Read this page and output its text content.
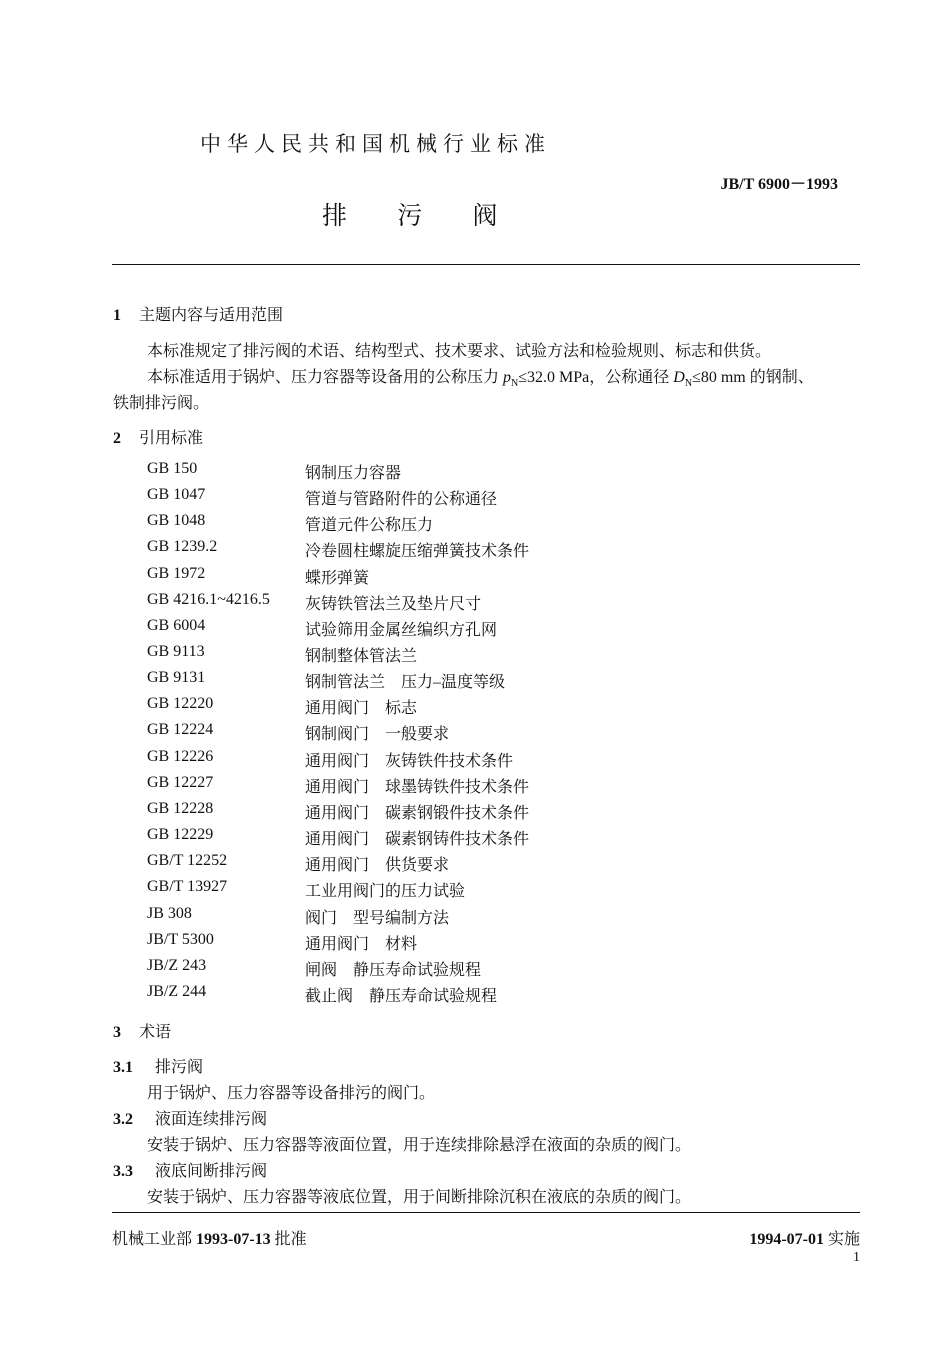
中华人民共和国机械行业标准
JB/T 6900－1993
排 污 阀
1 主题内容与适用范围
本标准规定了排污阀的术语、结构型式、技术要求、试验方法和检验规则、标志和供货。
本标准适用于锅炉、压力容器等设备用的公称压力 $p_N\le 32.0$ MPa，公称通径 $D_N\le 80$ mm 的钢制、
铁制排污阀。
2 引用标准
GB 150	钢制压力容器
GB 1047	管道与管路附件的公称通径
GB 1048	管道元件公称压力
GB 1239.2	冷卷圆柱螺旋压缩弹簧技术条件
GB 1972	蝶形弹簧
GB 4216.1~4216.5 灰铸铁管法兰及垫片尺寸
GB 6004	试验筛用金属丝编织方孔网
GB 9113	钢制整体管法兰
GB 9131	钢制管法兰　压力–温度等级
GB 12220	通用阀门　标志
GB 12224	钢制阀门　一般要求
GB 12226	通用阀门　灰铸铁件技术条件
GB 12227	通用阀门　球墨铸铁件技术条件
GB 12228	通用阀门　碳素钢锻件技术条件
GB 12229	通用阀门　碳素钢铸件技术条件
GB/T 12252	通用阀门　供货要求
GB/T 13927	工业用阀门的压力试验
JB 308	阀门　型号编制方法
JB/T 5300	通用阀门　材料
JB/Z 243	闸阀　静压寿命试验规程
JB/Z 244	截止阀　静压寿命试验规程
3 术语
3.1 排污阀
用于锅炉、压力容器等设备排污的阀门。
3.2 液面连续排污阀
安装于锅炉、压力容器等液面位置，用于连续排除悬浮在液面的杂质的阀门。
3.3 液底间断排污阀
安装于锅炉、压力容器等液底位置，用于间断排除沉积在液底的杂质的阀门。
机械工业部 1993-07-13 批准	1994-07-01 实施
1
